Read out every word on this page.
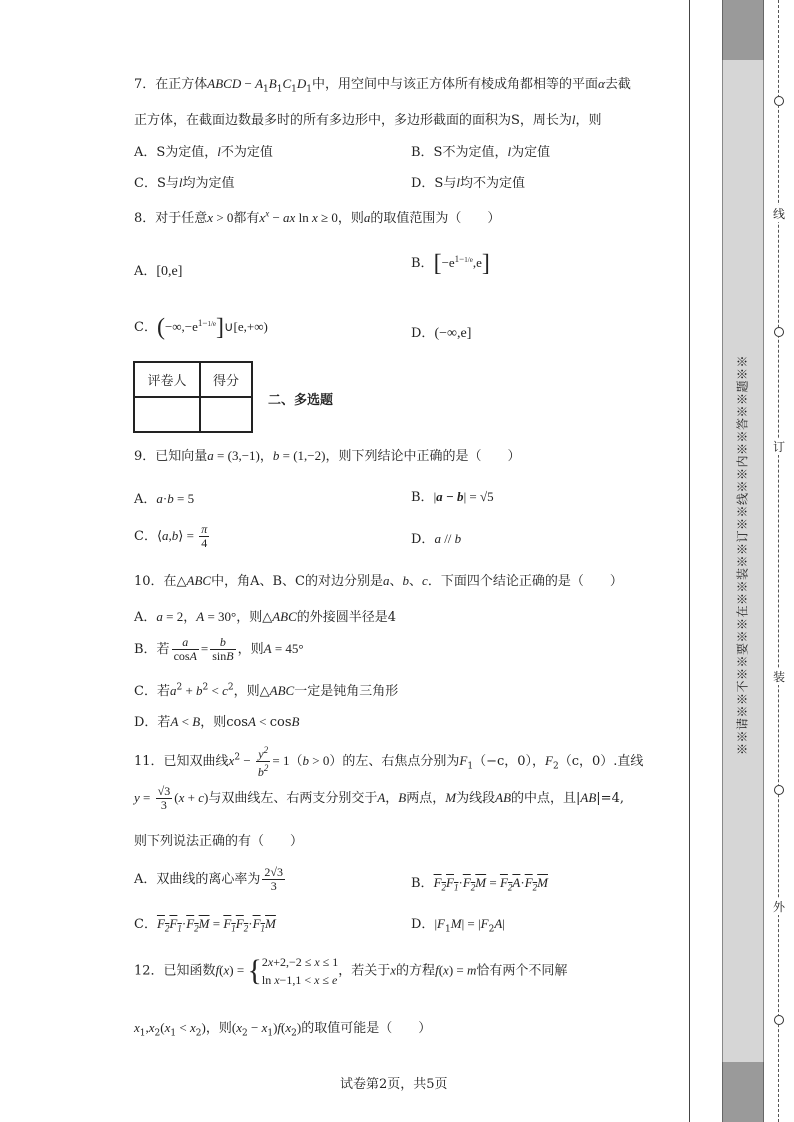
7．在正方体ABCD − $A_1B_1C_1D_1$中，用空间中与该正方体所有棱成角都相等的平面α去截
正方体，在截面边数最多时的所有多边形中，多边形截面的面积为S，周长为l，则
A．S为定值，l不为定值	B．S不为定值，l为定值
C．S与l均为定值	D．S与l均不为定值
8．对于任意x > 0都有$x^x$ − ax ln x ≥ 0，则a的取值范围为（　　）
A．[0,e]
B．$[-e^{1-1/e},e]$
C．$(-\infty,-e^{1-1/e}]\cup[e,+\infty)$	D．(−∞,e]
评卷人	得分

二、多选题
9．已知向量a = (3,−1)，b = (1,−2)，则下列结论中正确的是（　　）
A．a·b = 5	B．|a − b| = √5
C．⟨a,b⟩ = $\frac{\pi}{4}$	D．a // b
10．在△ABC中，角A、B、C的对边分别是a、b、c．下面四个结论正确的是（　　）
A．a = 2，A = 30°，则△ABC的外接圆半径是4
B．若 $\frac{a}{\cos A} = \frac{b}{\sin B}$ ，则A = 45°
C．若$a^2 + b^2 < c^2$，则△ABC一定是钝角三角形
D．若A < B，则cosA < cosB
11．已知双曲线$x^2 - \frac{y^2}{b^2} = 1(b > 0)$的左、右焦点分别为$F_1(-c$，0），$F_2(c$，0）.直线
$y = \frac{√3}{3} (x + c)$与双曲线左、右两支分别交于A，B两点，M为线段AB的中点，且|AB|=4,
则下列说法正确的有（　　）
A．双曲线的离心率为 $\frac{2√3}{3}$	B．$F_2F_1\cdot F_2M = F_2A\cdot F_2M$
C．$F_2F_1\cdot F_2M = F_1F_2\cdot F_1M$	D．$|F_1M| = |F_2A|$
12．已知函数f(x) = {2x+2,−2 ≤ x ≤ 1
ln x−1,1 < x ≤ e，若关于x的方程f(x) = m恰有两个不同解
$x_1,x_2(x_1 < x_2)$，则$(x_2 - x_1)f(x_2)$的取值可能是（　　）
试卷第2页，共5页
※※请※※不※※要※※在※※装※※订※※线※※内※※答※※题※※
线
订
装
外
